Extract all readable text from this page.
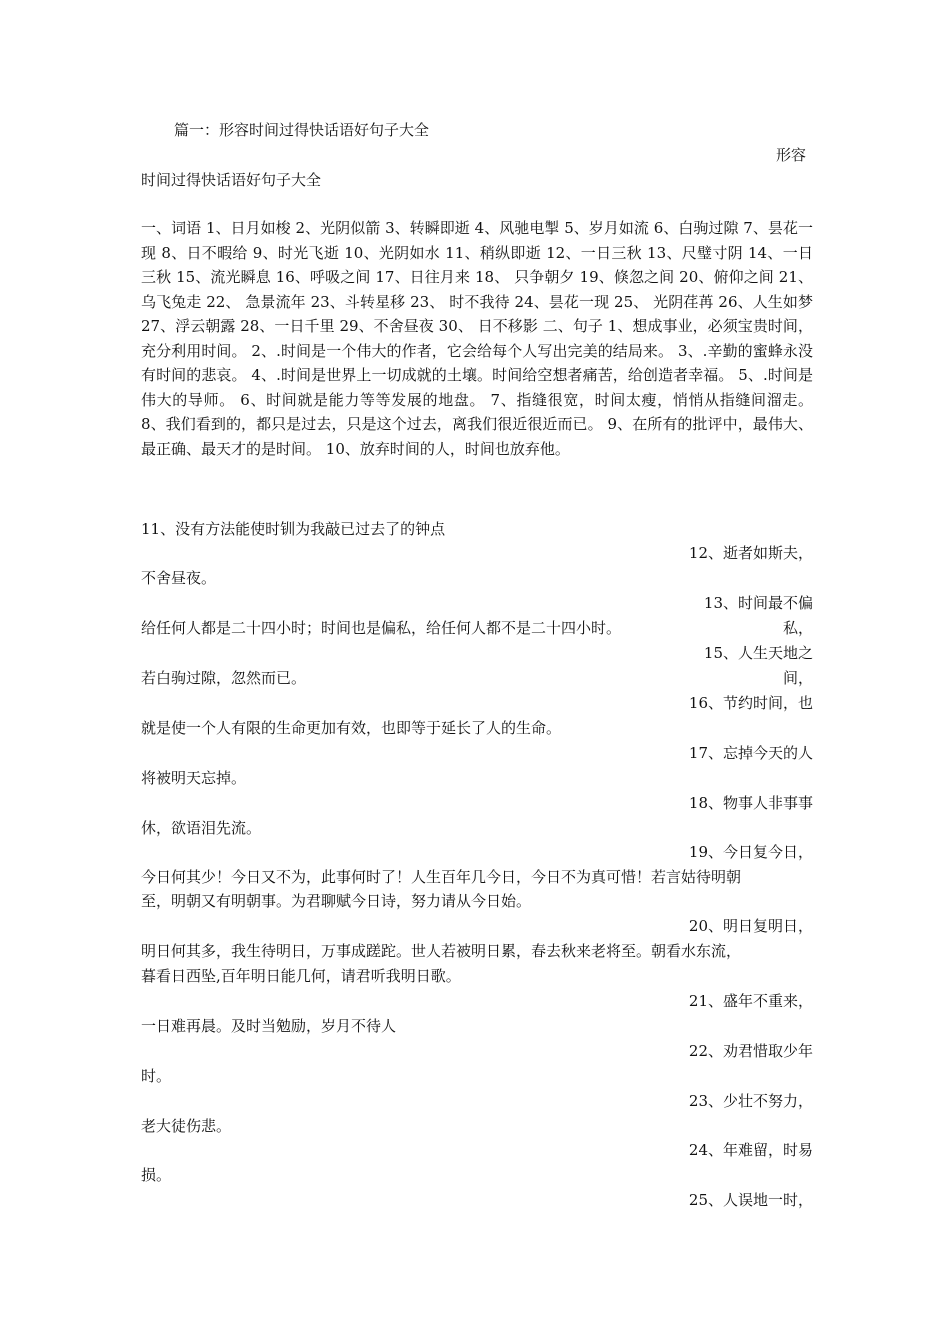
篇一：形容时间过得快话语好句子大全
形容
时间过得快话语好句子大全
一、词语 1、日月如梭 2、光阴似箭 3、转瞬即逝 4、风驰电掣 5、岁月如流 6、白驹过隙 7、昙花一现 8、日不暇给 9、时光飞逝 10、光阴如水 11、稍纵即逝 12、一日三秋 13、尺璧寸阴 14、一日三秋 15、流光瞬息 16、呼吸之间 17、日往月来 18、 只争朝夕 19、倏忽之间 20、俯仰之间 21、 乌飞兔走 22、 急景流年 23、斗转星移 23、 时不我待 24、昙花一现 25、 光阴荏苒 26、人生如梦 27、浮云朝露 28、一日千里 29、不舍昼夜 30、 日不移影 二、句子 1、想成事业，必须宝贵时间，充分利用时间。 2、.时间是一个伟大的作者，它会给每个人写出完美的结局来。 3、.辛勤的蜜蜂永没有时间的悲哀。 4、.时间是世界上一切成就的土壤。时间给空想者痛苦，给创造者幸福。 5、.时间是伟大的导师。 6、时间就是能力等等发展的地盘。 7、指缝很宽，时间太瘦，悄悄从指缝间溜走。 8、我们看到的，都只是过去，只是这个过去，离我们很近很近而已。 9、在所有的批评中，最伟大、最正确、最天才的是时间。 10、放弃时间的人，时间也放弃他。
11、没有方法能使时钏为我敲已过去了的钟点
12、逝者如斯夫，
不舍昼夜。
13、时间最不偏私，
给任何人都是二十四小时；时间也是偏私，给任何人都不是二十四小时。
15、人生天地之间，
若白驹过隙，忽然而已。
16、节约时间，也
就是使一个人有限的生命更加有效，也即等于延长了人的生命。
17、忘掉今天的人
将被明天忘掉。
18、物事人非事事
休，欲语泪先流。
19、今日复今日，
今日何其少！今日又不为，此事何时了！人生百年几今日，今日不为真可惜！若言姑待明朝
至，明朝又有明朝事。为君聊赋今日诗，努力请从今日始。
20、明日复明日，
明日何其多，我生待明日，万事成蹉跎。世人若被明日累，春去秋来老将至。朝看水东流，
暮看日西坠,百年明日能几何，请君听我明日歌。
21、盛年不重来，
一日难再晨。及时当勉励，岁月不待人
22、劝君惜取少年
时。
23、少壮不努力，
老大徒伤悲。
24、年难留，时易
损。
25、人误地一时，
